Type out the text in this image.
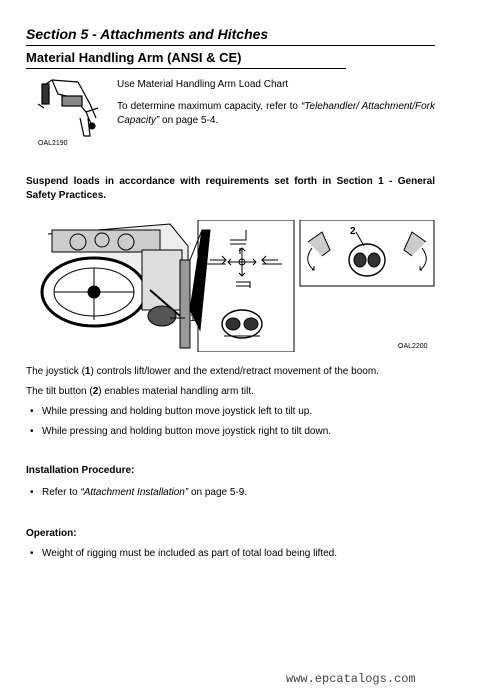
Section 5 - Attachments and Hitches
Material Handling Arm (ANSI & CE)
OAL2190
Use Material Handling Arm Load Chart
To determine maximum capacity, refer to “Telehandler/ Attachment/Fork Capacity” on page 5-4.
Suspend loads in accordance with requirements set forth in Section 1 - General Safety Practices.
1
2
OAL2200
The joystick (1) controls lift/lower and the extend/retract movement of the boom.
The tilt button (2) enables material handling arm tilt.
• While pressing and holding button move joystick left to tilt up.
• While pressing and holding button move joystick right to tilt down.
Installation Procedure:
• Refer to “Attachment Installation” on page 5-9.
Operation:
• Weight of rigging must be included as part of total load being lifted.
www.epcatalogs.com
